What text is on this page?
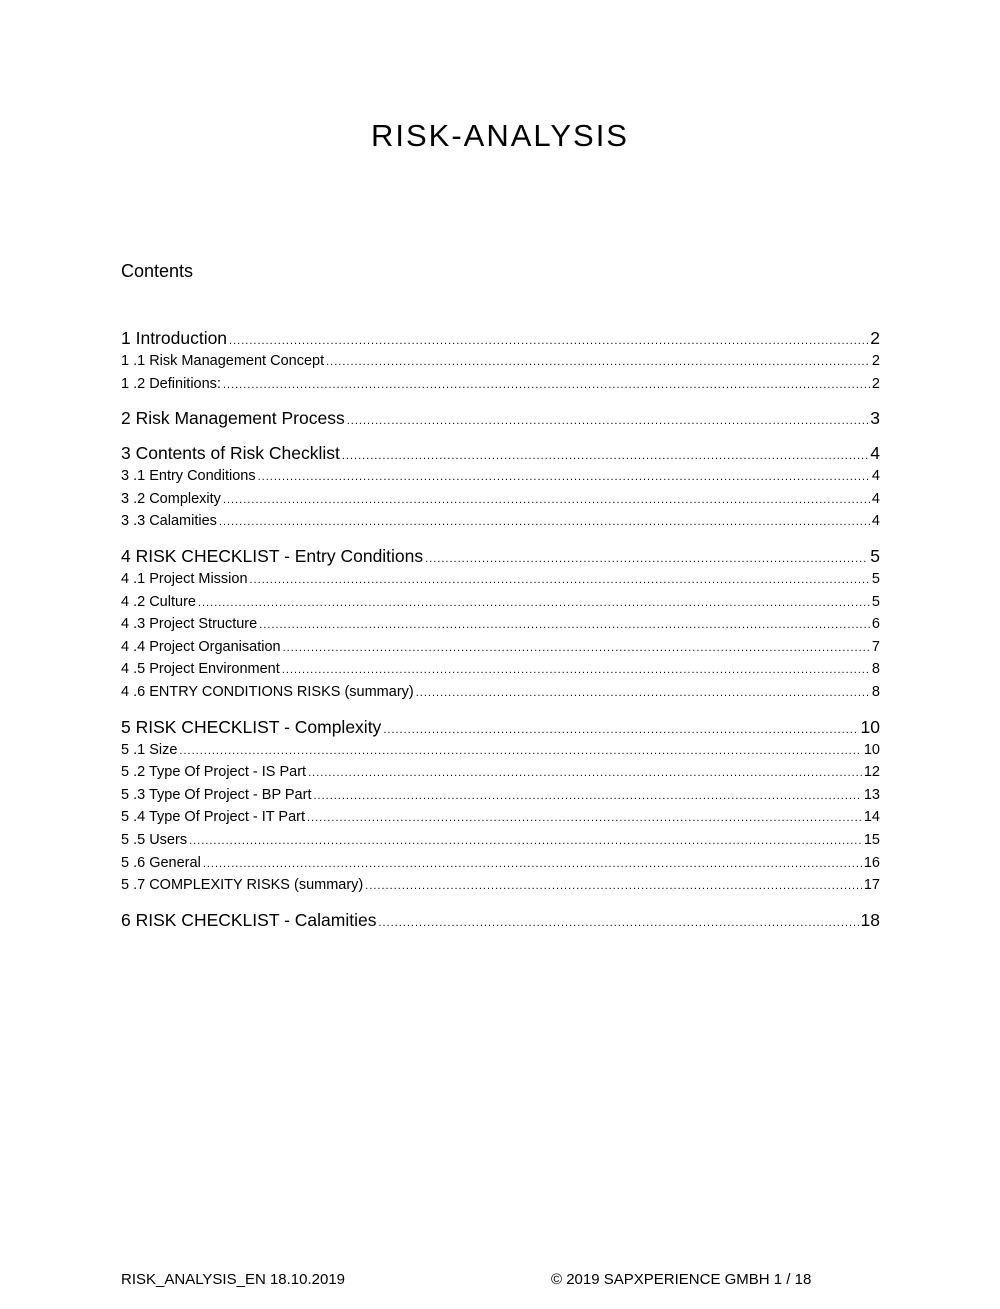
RISK-ANALYSIS
Contents
1 Introduction .....	2
1 .1 Risk Management Concept .....	2
1 .2 Definitions: .....	2
2 Risk Management Process .....	3
3 Contents of Risk Checklist .....	4
3 .1 Entry Conditions .....	4
3 .2 Complexity .....	4
3 .3 Calamities .....	4
4 RISK CHECKLIST - Entry Conditions .....	5
4 .1 Project Mission .....	5
4 .2 Culture .....	5
4 .3 Project Structure .....	6
4 .4 Project Organisation .....	7
4 .5 Project Environment .....	8
4 .6 ENTRY CONDITIONS RISKS (summary) .....	8
5 RISK CHECKLIST - Complexity .....	10
5 .1 Size .....	10
5 .2 Type Of Project - IS Part .....	12
5 .3 Type Of Project - BP Part .....	13
5 .4 Type Of Project - IT Part .....	14
5 .5 Users .....	15
5 .6 General .....	16
5 .7 COMPLEXITY RISKS (summary) .....	17
6 RISK CHECKLIST - Calamities .....	18
RISK_ANALYSIS_EN 18.10.2019	© 2019 SAPXPERIENCE GMBH 1 / 18
